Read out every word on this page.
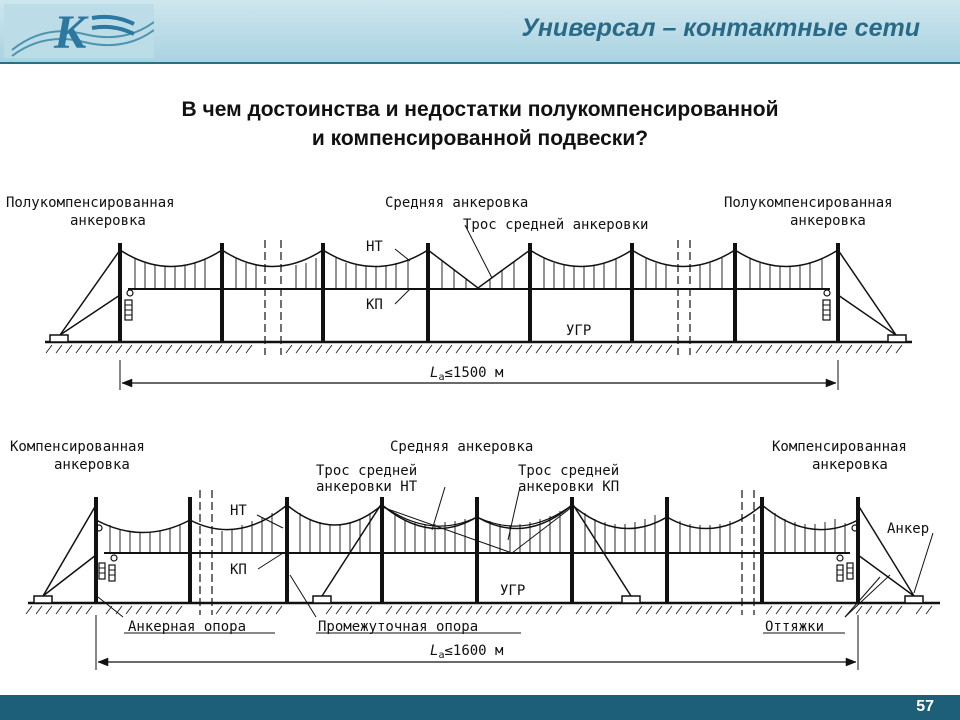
К	Универсал – контактные сети
В чем достоинства и недостатки полукомпенсированной
и компенсированной подвески?
Полукомпенсированная
анкеровка
Средняя анкеровка	Полукомпенсированная
анкеровка
Трос средней анкеровки
НТ
КП
УГР
$L_а\le 1500$ м
Компенсированная
анкеровка
Средняя анкеровка	Компенсированная
анкеровка
Трос средней
анкеровки НТ
Трос средней
анкеровки КП
НТ
КП
УГР
Анкер
Анкерная опора	Промежуточная опора	Оттяжки
$L_а\le 1600$ м
57
